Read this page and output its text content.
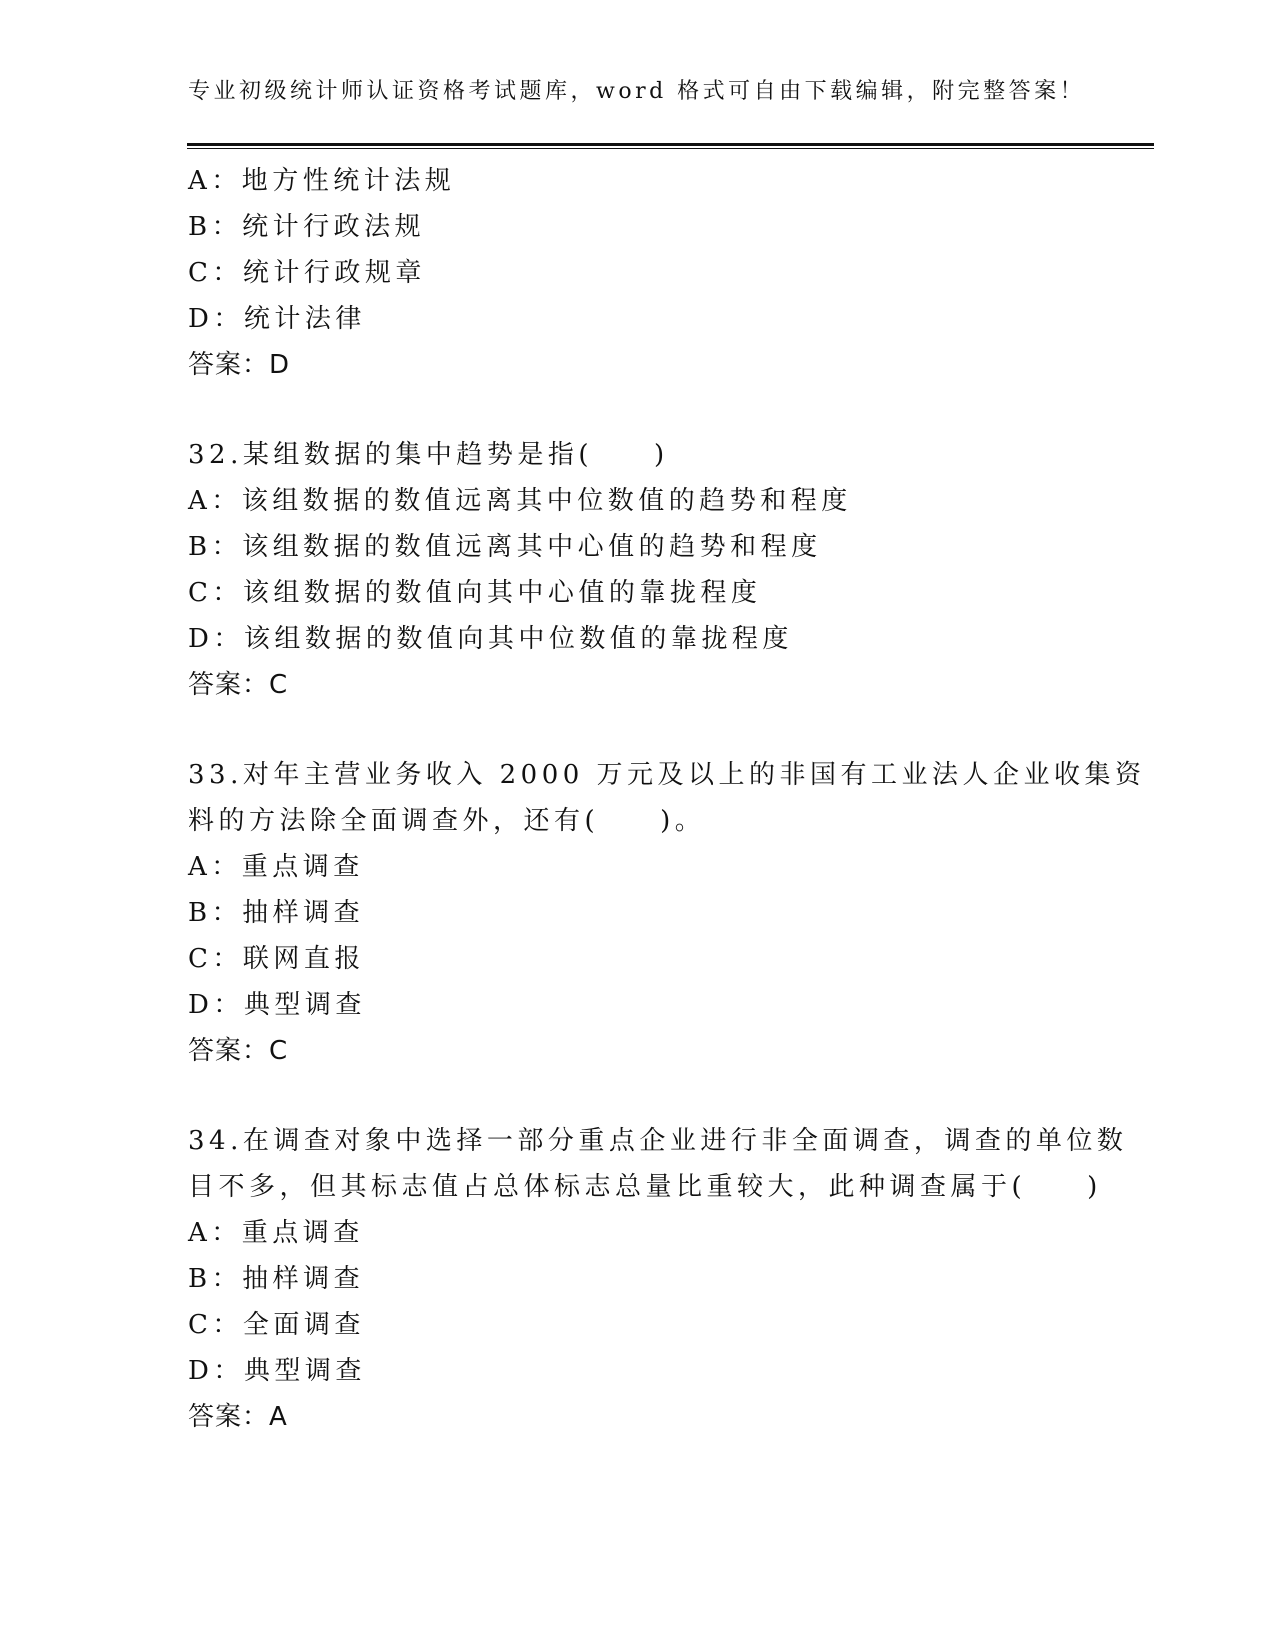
专业初级统计师认证资格考试题库，word 格式可自由下载编辑，附完整答案！
A：地方性统计法规
B：统计行政法规
C：统计行政规章
D：统计法律
答案：D
32.某组数据的集中趋势是指(　　)
A：该组数据的数值远离其中位数值的趋势和程度
B：该组数据的数值远离其中心值的趋势和程度
C：该组数据的数值向其中心值的靠拢程度
D：该组数据的数值向其中位数值的靠拢程度
答案：C
33.对年主营业务收入 2000 万元及以上的非国有工业法人企业收集资
料的方法除全面调查外，还有(　　)。
A：重点调查
B：抽样调查
C：联网直报
D：典型调查
答案：C
34.在调查对象中选择一部分重点企业进行非全面调查，调查的单位数
目不多，但其标志值占总体标志总量比重较大，此种调查属于(　　)
A：重点调查
B：抽样调查
C：全面调查
D：典型调查
答案：A
